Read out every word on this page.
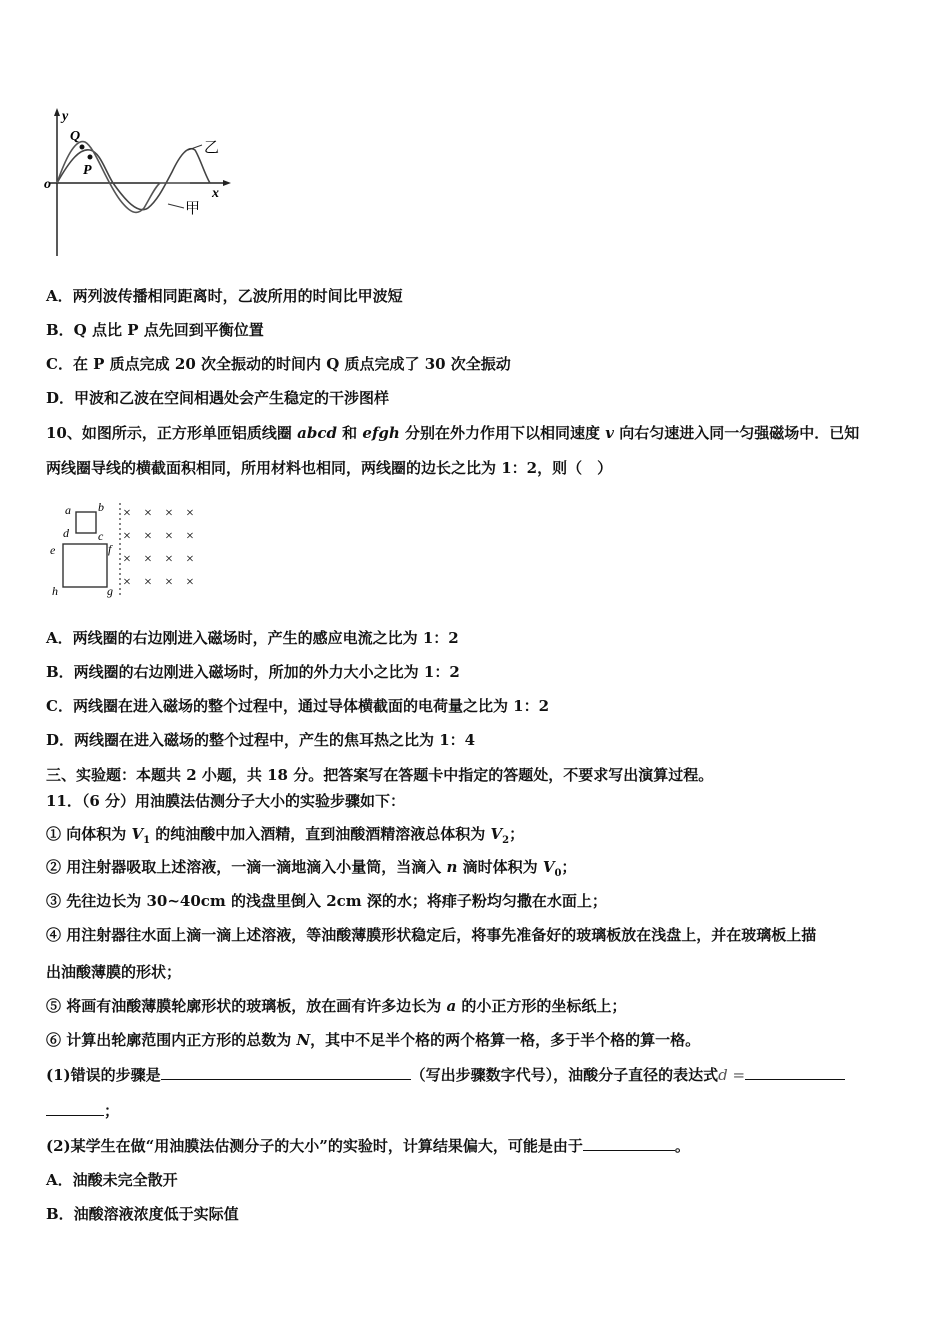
y
x
o
Q
P
乙
甲
A．两列波传播相同距离时，乙波所用的时间比甲波短
B．Q 点比 P 点先回到平衡位置
C．在 P 质点完成 20 次全振动的时间内 Q 质点完成了 30 次全振动
D．甲波和乙波在空间相遇处会产生稳定的干涉图样
10、如图所示，正方形单匝铝质线圈 abcd 和 efgh 分别在外力作用下以相同速度 v 向右匀速进入同一匀强磁场中．已知
两线圈导线的横截面积相同，所用材料也相同，两线圈的边长之比为 1：2，则（　）
a b
c
d
e	f
g
h
× × × ×
× × × ×
× × × ×
× × × ×
A．两线圈的右边刚进入磁场时，产生的感应电流之比为 1：2
B．两线圈的右边刚进入磁场时，所加的外力大小之比为 1：2
C．两线圈在进入磁场的整个过程中，通过导体横截面的电荷量之比为 1：2
D．两线圈在进入磁场的整个过程中，产生的焦耳热之比为 1：4
三、实验题：本题共 2 小题，共 18 分。把答案写在答题卡中指定的答题处，不要求写出演算过程。
11．（6 分）用油膜法估测分子大小的实验步骤如下：
① 向体积为 $V_1$ 的纯油酸中加入酒精，直到油酸酒精溶液总体积为 $V_2$；
② 用注射器吸取上述溶液，一滴一滴地滴入小量筒，当滴入 n 滴时体积为 $V_0$；
③ 先往边长为 30~40cm 的浅盘里倒入 2cm 深的水；将痱子粉均匀撒在水面上；
④ 用注射器往水面上滴一滴上述溶液，等油酸薄膜形状稳定后，将事先准备好的玻璃板放在浅盘上，并在玻璃板上描
出油酸薄膜的形状；
⑤ 将画有油酸薄膜轮廓形状的玻璃板，放在画有许多边长为 a 的小正方形的坐标纸上；
⑥ 计算出轮廓范围内正方形的总数为 N，其中不足半个格的两个格算一格，多于半个格的算一格。
(1)错误的步骤是	（写出步骤数字代号），油酸分子直径的表达式d =
；
(2)某学生在做“用油膜法估测分子的大小”的实验时，计算结果偏大，可能是由于	。
A．油酸未完全散开
B．油酸溶液浓度低于实际值
